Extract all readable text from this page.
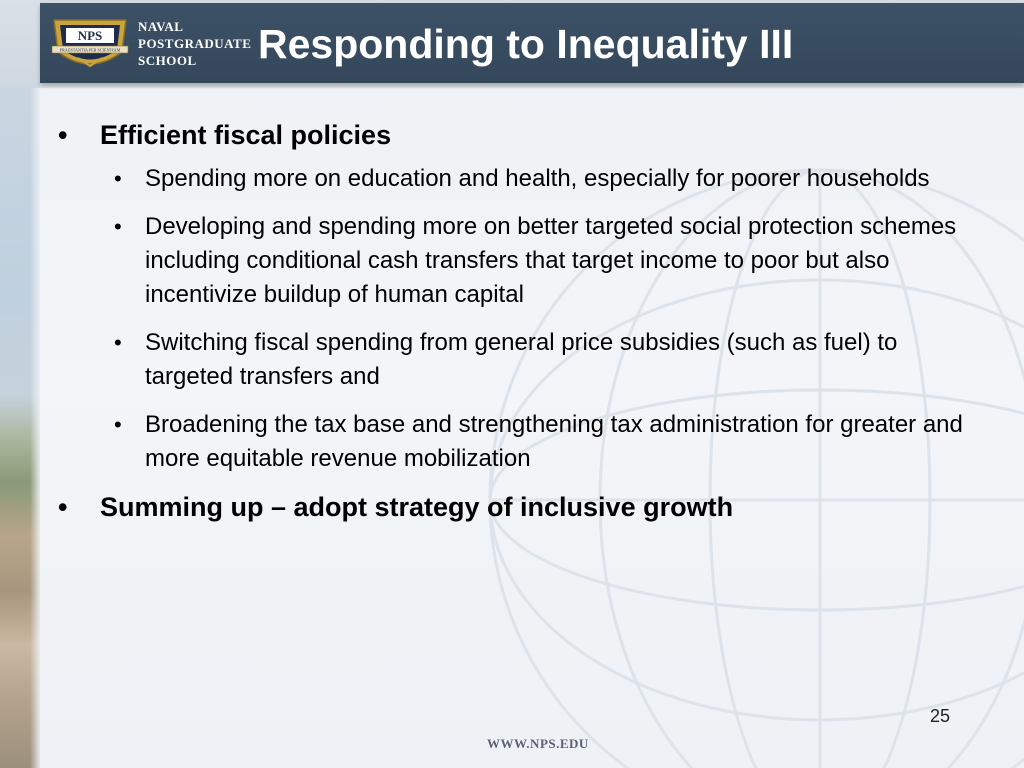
NPS
PRAESTANTIA PER SCIENTIAM
NAVAL
POSTGRADUATE
SCHOOL	Responding to Inequality III
• Efficient fiscal policies
• Spending more on education and health, especially for poorer households
• Developing and spending more on better targeted social protection schemes including conditional cash transfers that target income to poor but also incentivize buildup of human capital
• Switching fiscal spending from general price subsidies (such as fuel) to targeted transfers and
• Broadening the tax base and strengthening tax administration for greater and more equitable revenue mobilization
• Summing up – adopt strategy of inclusive growth
25
WWW.NPS.EDU
